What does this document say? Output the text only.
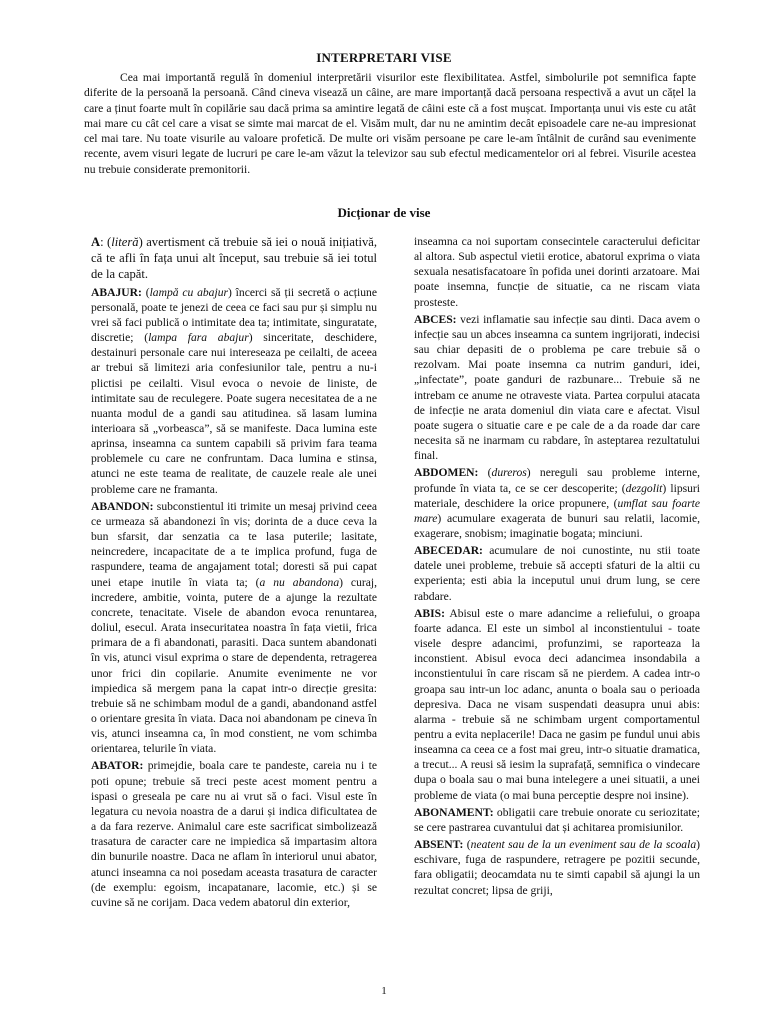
INTERPRETARI VISE

Cea mai importantă regulă în domeniul interpretării visurilor este flexibilitatea. Astfel, simbolurile pot semnifica fapte diferite de la persoană la persoană. Când cineva visează un câine, are mare importanță dacă persoana respectivă a avut un cățel la care a ținut foarte mult în copilărie sau dacă prima sa amintire legată de câini este că a fost mușcat. Importanța unui vis este cu atât mai mare cu cât cel care a visat se simte mai marcat de el. Visăm mult, dar nu ne amintim decât episoadele care ne-au impresionat cel mai tare. Nu toate visurile au valoare profetică. De multe ori visăm persoane pe care le-am întâlnit de curând sau evenimente recente, avem visuri legate de lucruri pe care le-am văzut la televizor sau sub efectul medicamentelor ori al febrei. Visurile acestea nu trebuie considerate premonitorii.

Dicționar de vise

A: (literă) avertisment că trebuie să iei o nouă inițiativă, că te afli în fața unui alt început, sau trebuie să iei totul de la capăt.

ABAJUR: (lampă cu abajur) încerci să ții secretă o acțiune personală, poate te jenezi de ceea ce faci sau pur și simplu nu vrei să faci publică o intimitate dea ta; intimitate, singuratate, discretie; (lampa fara abajur) sinceritate, deschidere, destainuri personale care nui intereseaza pe ceilalti, de aceea ar trebui să limitezi aria confesiunilor tale, pentru a nu-i plictisi pe ceilalti. Visul evoca o nevoie de liniste, de intimitate sau de reculegere. Poate sugera necesitatea de a ne nuanta modul de a gandi sau atitudinea. să lasam lumina interioara să „vorbeasca”, să se manifeste. Daca lumina este aprinsa, inseamna ca suntem capabili să privim fara teama problemele cu care ne confruntam. Daca lumina e stinsa, atunci ne este teama de realitate, de cauzele reale ale unei probleme care ne framanta.

ABANDON: subconstientul iti trimite un mesaj privind ceea ce urmeaza să abandonezi în vis; dorinta de a duce ceva la bun sfarsit, dar senzatia ca te lasa puterile; lasitate, neincredere, incapacitate de a te implica profund, fuga de raspundere, teama de angajament total; doresti să pui capat unei etape inutile în viata ta; (a nu abandona) curaj, incredere, ambitie, vointa, putere de a ajunge la rezultate concrete, tenacitate. Visele de abandon evoca renuntarea, doliul, esecul. Arata insecuritatea noastra în fața vietii, frica primara de a fi abandonati, parasiti. Daca suntem abandonati în vis, atunci visul exprima o stare de dependenta, retragerea unor frici din copilarie. Anumite evenimente ne vor impiedica să mergem pana la capat intr-o direcție gresita: trebuie să ne schimbam modul de a gandi, abandonand astfel o orientare gresita în viata. Daca noi abandonam pe cineva în vis, atunci inseamna ca, în mod constient, ne vom schimba orientarea, telurile în viata.

ABATOR: primejdie, boala care te pandeste, careia nu i te poti opune; trebuie să treci peste acest moment pentru a ispasi o greseala pe care nu ai vrut să o faci. Visul este în legatura cu nevoia noastra de a darui și indica dificultatea de a da fara rezerve. Animalul care este sacrificat simbolizează trasatura de caracter care ne impiedica să impartasim altora din bunurile noastre. Daca ne aflam în interiorul unui abator, atunci inseamna ca noi posedam aceasta trasatura de caracter (de exemplu: egoism, incapatanare, lacomie, etc.) și se cuvine să ne corijam. Daca vedem abatorul din exterior,

inseamna ca noi suportam consecintele caracterului deficitar al altora. Sub aspectul vietii erotice, abatorul exprima o viata sexuala nesatisfacatoare în pofida unei dorinti arzatoare. Mai poate insemna, funcție de situatie, ca ne riscam viata prosteste.

ABCES: vezi inflamatie sau infecție sau dinti. Daca avem o infecție sau un abces inseamna ca suntem ingrijorati, indecisi sau chiar depasiti de o problema pe care trebuie să o rezolvam. Mai poate insemna ca nutrim ganduri, idei, „infectate”, poate ganduri de razbunare... Trebuie să ne intrebam ce anume ne otraveste viata. Partea corpului atacata de infecție ne arata domeniul din viata care e afectat. Visul poate sugera o situatie care e pe cale de a da roade dar care necesita să ne inarmam cu rabdare, în asteptarea rezultatului final.

ABDOMEN: (dureros) nereguli sau probleme interne, profunde în viata ta, ce se cer descoperite; (dezgolit) lipsuri materiale, deschidere la orice propunere, (umflat sau foarte mare) acumulare exagerata de bunuri sau relatii, lacomie, exagerare, snobism; imaginatie bogata; minciuni.

ABECEDAR: acumulare de noi cunostinte, nu stii toate datele unei probleme, trebuie să accepti sfaturi de la altii cu experienta; esti abia la inceputul unui drum lung, se cere rabdare.

ABIS: Abisul este o mare adancime a reliefului, o groapa foarte adanca. El este un simbol al inconstientului - toate visele despre adancimi, profunzimi, se raporteaza la inconstient. Abisul evoca deci adancimea insondabila a inconstientului în care riscam să ne pierdem. A cadea intr-o groapa sau intr-un loc adanc, anunta o boala sau o perioada depresiva. Daca ne visam suspendati deasupra unui abis: alarma - trebuie să ne schimbam urgent comportamentul pentru a evita neplacerile! Daca ne gasim pe fundul unui abis inseamna ca ceea ce a fost mai greu, intr-o situatie dramatica, a trecut... A reusi să iesim la suprafață, semnifica o vindecare dupa o boala sau o mai buna intelegere a unei situatii, a unei probleme de viata (o mai buna perceptie despre noi insine).

ABONAMENT: obligatii care trebuie onorate cu seriozitate; se cere pastrarea cuvantului dat și achitarea promisiunilor.

ABSENT: (neatent sau de la un eveniment sau de la scoala) eschivare, fuga de raspundere, retragere pe pozitii secunde, fara obligatii; deocamdata nu te simti capabil să ajungi la un rezultat concret; lipsa de griji,

1
